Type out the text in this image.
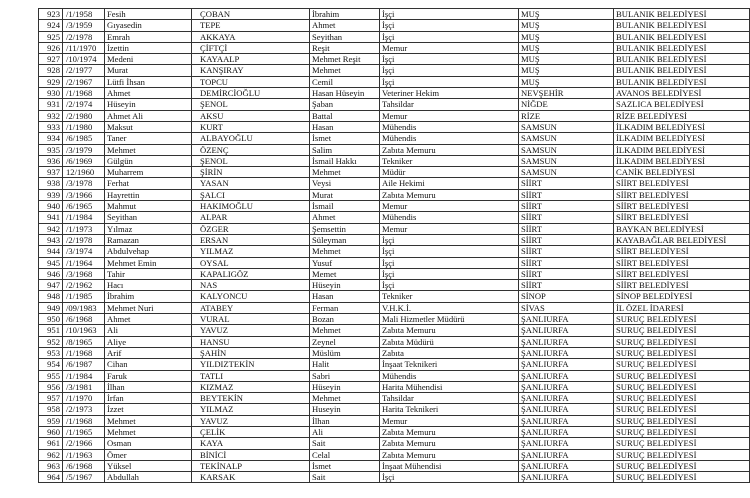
923	/1/1958	Fesih	ÇOBAN	İbrahim	İşçi	MUŞ	BULANIK BELEDİYESİ
924	/3/1959	Gıyasedin	TEPE	Ahmet	İşçi	MUŞ	BULANIK BELEDİYESİ
925	/2/1978	Emrah	AKKAYA	Seyithan	İşçi	MUŞ	BULANIK BELEDİYESİ
926	/11/1970	İzettin	ÇİFTÇİ	Reşit	Memur	MUŞ	BULANIK BELEDİYESİ
927	/10/1974	Medeni	KAYAALP	Mehmet Reşit	İşçi	MUŞ	BULANIK BELEDİYESİ
928	/2/1977	Murat	KANŞIRAY	Mehmet	İşçi	MUŞ	BULANIK BELEDİYESİ
929	/2/1967	Lütfi İhsan	TOPCU	Cemil	İşçi	MUŞ	BULANIK BELEDİYESİ
930	/1/1968	Ahmet	DEMİRCİOĞLU	Hasan Hüseyin	Veteriner Hekim	NEVŞEHİR	AVANOS BELEDİYESİ
931	/2/1974	Hüseyin	ŞENOL	Şaban	Tahsildar	NİĞDE	SAZLICA BELEDİYESİ
932	/2/1980	Ahmet Ali	AKSU	Battal	Memur	RİZE	RİZE BELEDİYESİ
933	/1/1980	Maksut	KURT	Hasan	Mühendis	SAMSUN	İLKADIM BELEDİYESİ
934	/6/1985	Taner	ALBAYOĞLU	İsmet	Mühendis	SAMSUN	İLKADIM BELEDİYESİ
935	/3/1979	Mehmet	ÖZENÇ	Salim	Zabıta Memuru	SAMSUN	İLKADIM BELEDİYESİ
936	/6/1969	Gülgün	ŞENOL	İsmail Hakkı	Tekniker	SAMSUN	İLKADIM BELEDİYESİ
937	12/1960	Muharrem	ŞİRİN	Mehmet	Müdür	SAMSUN	CANİK BELEDİYESİ
938	/3/1978	Ferhat	YASAN	Veysi	Aile Hekimi	SİİRT	SİİRT BELEDİYESİ
939	/3/1966	Hayrettin	ŞALCI	Murat	Zabıta Memuru	SİİRT	SİİRT BELEDİYESİ
940	/6/1965	Mahmut	HAKIMOĞLU	İsmail	Memur	SİİRT	SİİRT BELEDİYESİ
941	/1/1984	Seyithan	ALPAR	Ahmet	Mühendis	SİİRT	SİİRT BELEDİYESİ
942	/1/1973	Yılmaz	ÖZGER	Şemsettin	Memur	SİİRT	BAYKAN BELEDİYESİ
943	/2/1978	Ramazan	ERSAN	Süleyman	İşçi	SİİRT	KAYABAĞLAR BELEDİYESİ
944	/3/1974	Abdulvehap	YILMAZ	Mehmet	İşçi	SİİRT	SİİRT BELEDİYESİ
945	/1/1964	Mehmet Emin	OYSAL	Yusuf	İşçi	SİİRT	SİİRT BELEDİYESİ
946	/3/1968	Tahir	KAPALIGÖZ	Memet	İşçi	SİİRT	SİİRT BELEDİYESİ
947	/2/1962	Hacı	NAS	Hüseyin	İşçi	SİİRT	SİİRT BELEDİYESİ
948	/1/1985	İbrahim	KALYONCU	Hasan	Tekniker	SİNOP	SİNOP BELEDİYESİ
949	/09/1983	Mehmet Nuri	ATABEY	Ferman	V.H.K.İ.	SİVAS	İL ÖZEL İDARESİ
950	/6/1968	Ahmet	VURAL	Bozan	Mali Hizmetler Müdürü	ŞANLIURFA	SURUÇ BELEDİYESİ
951	/10/1963	Ali	YAVUZ	Mehmet	Zabıta Memuru	ŞANLIURFA	SURUÇ BELEDİYESİ
952	/8/1965	Aliye	HANSU	Zeynel	Zabıta Müdürü	ŞANLIURFA	SURUÇ BELEDİYESİ
953	/1/1968	Arif	ŞAHİN	Müslüm	Zabıta	ŞANLIURFA	SURUÇ BELEDİYESİ
954	/6/1987	Cihan	YILDIZTEKİN	Halit	İnşaat Teknikeri	ŞANLIURFA	SURUÇ BELEDİYESİ
955	/1/1984	Faruk	TATLI	Sabri	Mühendis	ŞANLIURFA	SURUÇ BELEDİYESİ
956	/3/1981	İlhan	KIZMAZ	Hüseyin	Harita Mühendisi	ŞANLIURFA	SURUÇ BELEDİYESİ
957	/1/1970	İrfan	BEYTEKİN	Mehmet	Tahsildar	ŞANLIURFA	SURUÇ BELEDİYESİ
958	/2/1973	İzzet	YILMAZ	Huseyin	Harita Teknikeri	ŞANLIURFA	SURUÇ BELEDİYESİ
959	/1/1968	Mehmet	YAVUZ	İlhan	Memur	ŞANLIURFA	SURUÇ BELEDİYESİ
960	/1/1965	Mehmet	ÇELİK	Ali	Zabıta Memuru	ŞANLIURFA	SURUÇ BELEDİYESİ
961	/2/1966	Osman	KAYA	Sait	Zabıta Memuru	ŞANLIURFA	SURUÇ BELEDİYESİ
962	/1/1963	Ömer	BİNİCİ	Celal	Zabıta Memuru	ŞANLIURFA	SURUÇ BELEDİYESİ
963	/6/1968	Yüksel	TEKİNALP	İsmet	İnşaat Mühendisi	ŞANLIURFA	SURUÇ BELEDİYESİ
964	/5/1967	Abdullah	KARSAK	Sait	İşçi	ŞANLIURFA	SURUÇ BELEDİYESİ
